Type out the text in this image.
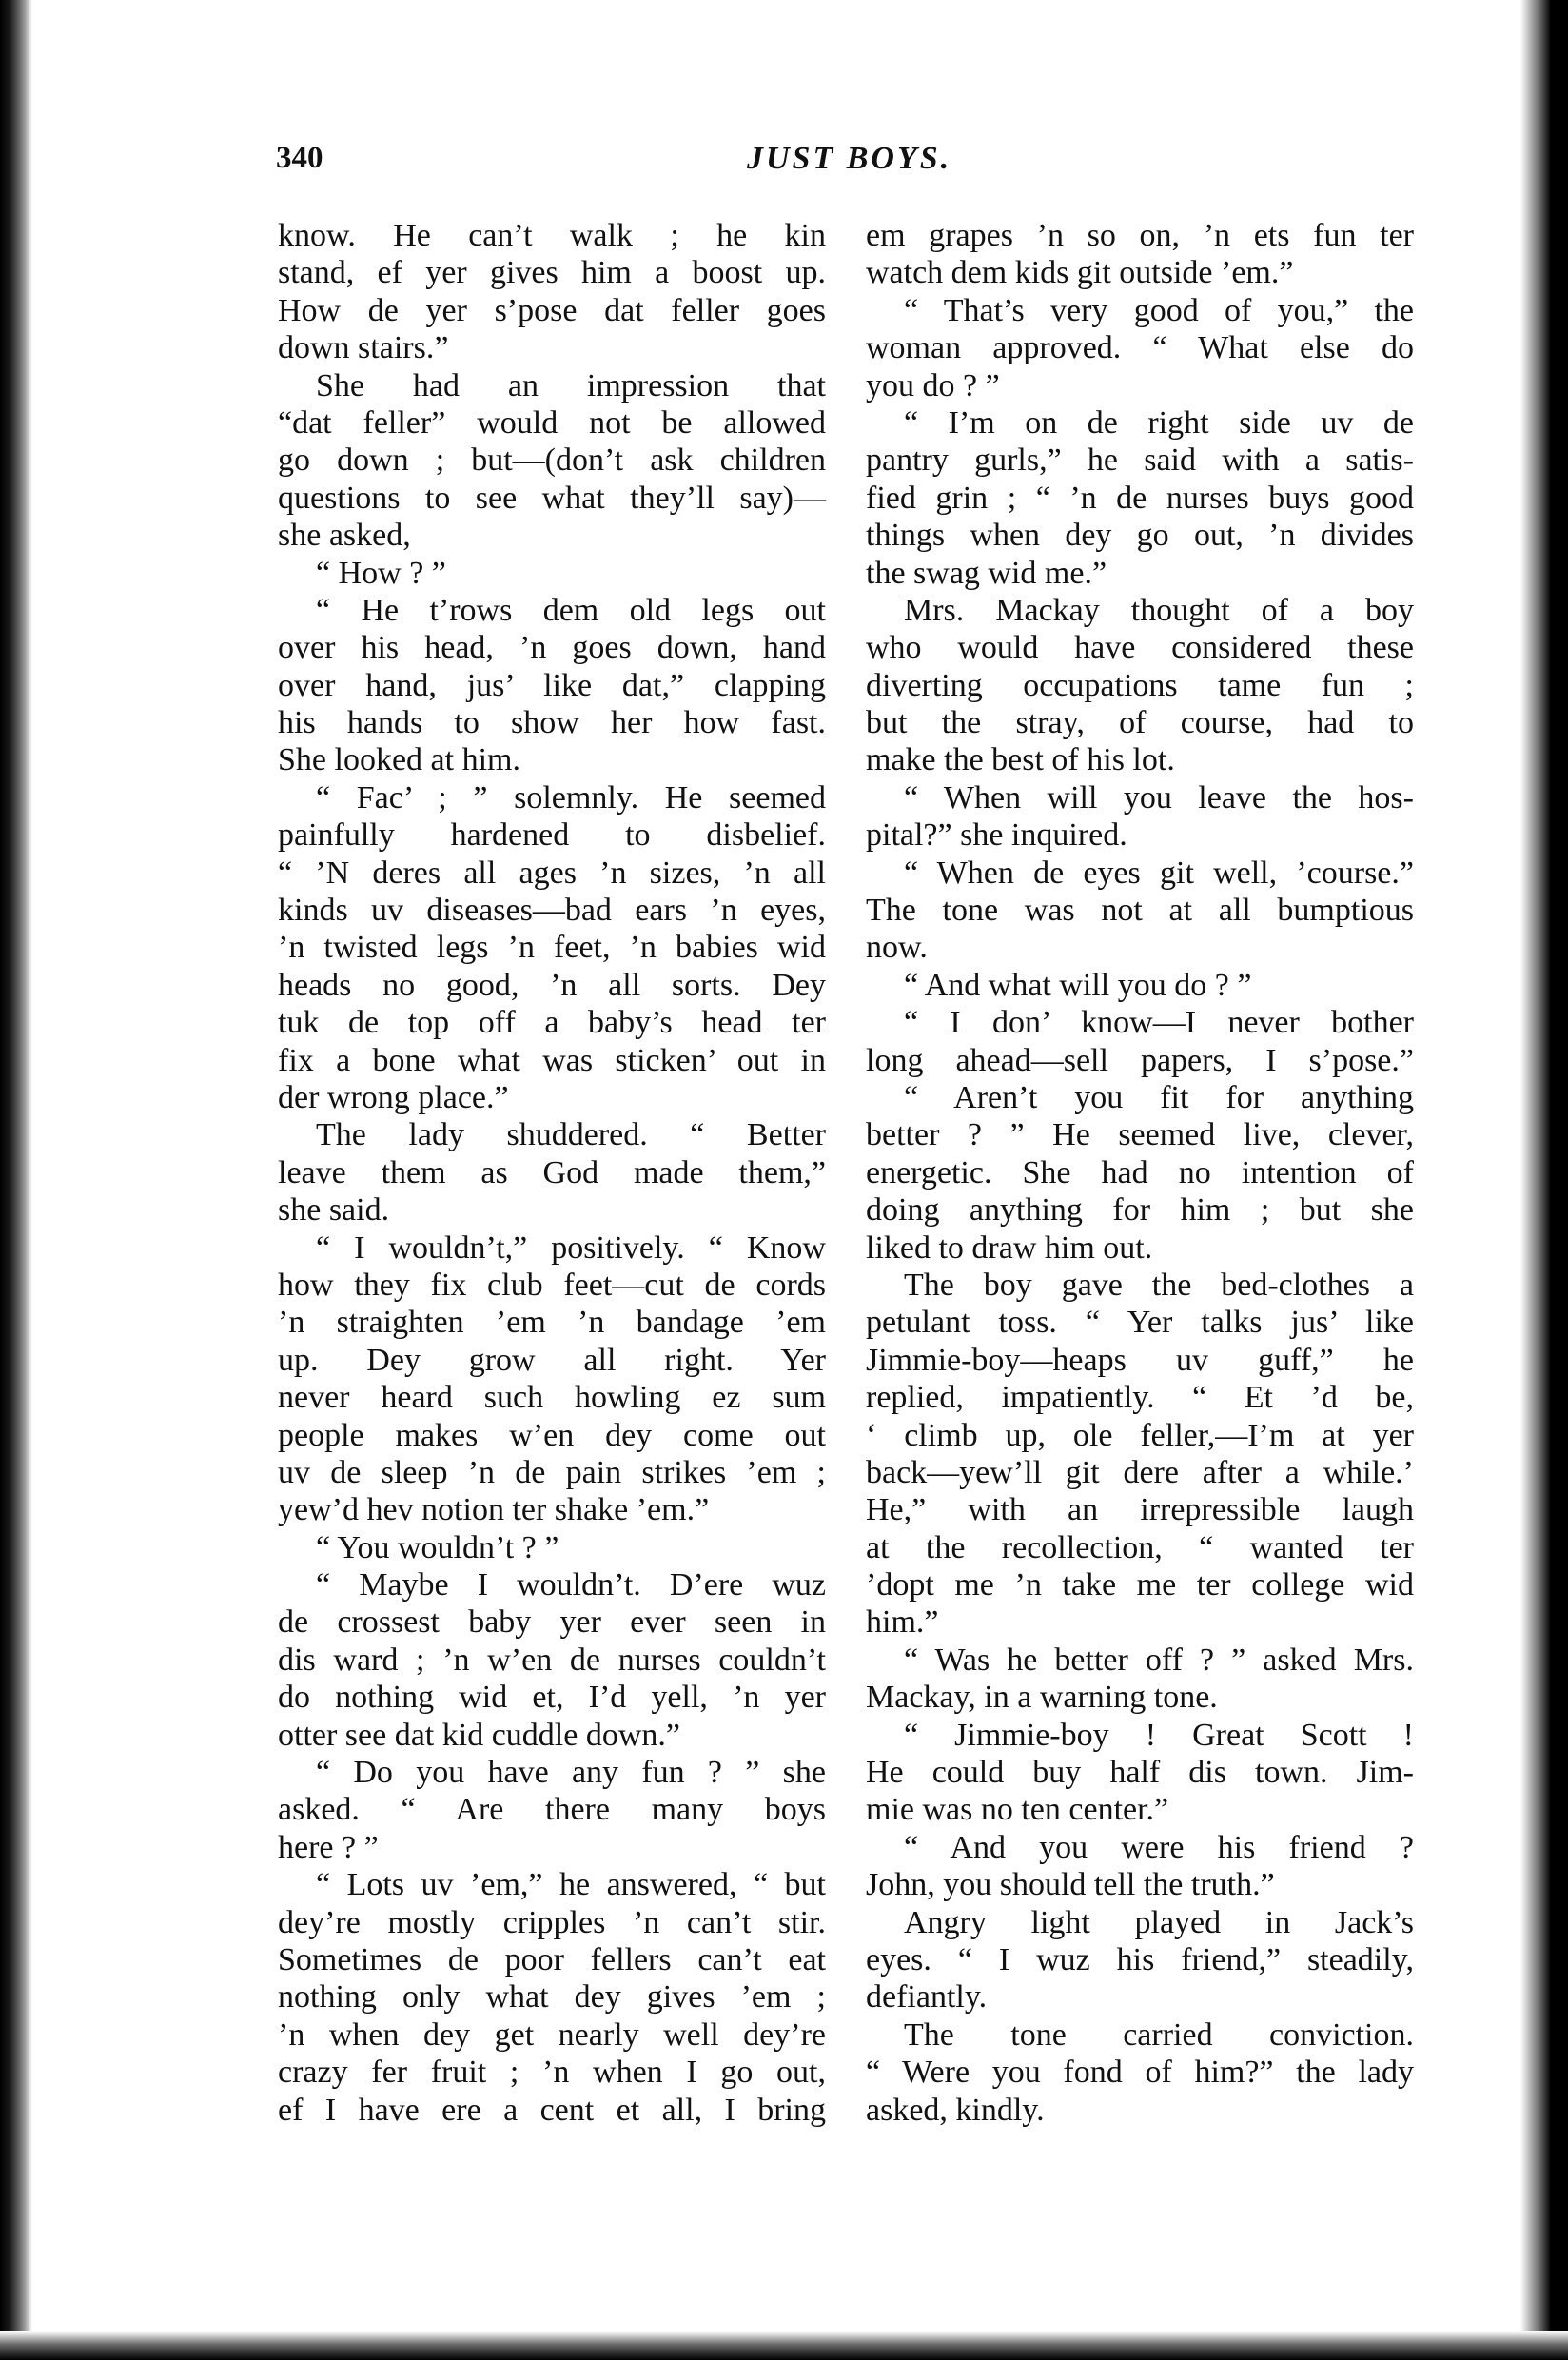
340	JUST BOYS.
know. He can’t walk ; he kin
stand, ef yer gives him a boost up.
How de yer s’pose dat feller goes
down stairs.”
She had an impression that
“dat feller” would not be allowed
go down ; but—(don’t ask children
questions to see what they’ll say)—
she asked,
“ How ? ”
“ He t’rows dem old legs out
over his head, ’n goes down, hand
over hand, jus’ like dat,” clapping
his hands to show her how fast.
She looked at him.
“ Fac’ ; ” solemnly. He seemed
painfully hardened to disbelief.
“ ’N deres all ages ’n sizes, ’n all
kinds uv diseases—bad ears ’n eyes,
’n twisted legs ’n feet, ’n babies wid
heads no good, ’n all sorts. Dey
tuk de top off a baby’s head ter
fix a bone what was sticken’ out in
der wrong place.”
The lady shuddered. “ Better
leave them as God made them,”
she said.
“ I wouldn’t,” positively. “ Know
how they fix club feet—cut de cords
’n straighten ’em ’n bandage ’em
up. Dey grow all right. Yer
never heard such howling ez sum
people makes w’en dey come out
uv de sleep ’n de pain strikes ’em ;
yew’d hev notion ter shake ’em.”
“ You wouldn’t ? ”
“ Maybe I wouldn’t. D’ere wuz
de crossest baby yer ever seen in
dis ward ; ’n w’en de nurses couldn’t
do nothing wid et, I’d yell, ’n yer
otter see dat kid cuddle down.”
“ Do you have any fun ? ” she
asked. “ Are there many boys
here ? ”
“ Lots uv ’em,” he answered, “ but
dey’re mostly cripples ’n can’t stir.
Sometimes de poor fellers can’t eat
nothing only what dey gives ’em ;
’n when dey get nearly well dey’re
crazy fer fruit ; ’n when I go out,
ef I have ere a cent et all, I bring
em grapes ’n so on, ’n ets fun ter
watch dem kids git outside ’em.”
“ That’s very good of you,” the
woman approved. “ What else do
you do ? ”
“ I’m on de right side uv de
pantry gurls,” he said with a satis-
fied grin ; “ ’n de nurses buys good
things when dey go out, ’n divides
the swag wid me.”
Mrs. Mackay thought of a boy
who would have considered these
diverting occupations tame fun ;
but the stray, of course, had to
make the best of his lot.
“ When will you leave the hos-
pital?” she inquired.
“ When de eyes git well, ’course.”
The tone was not at all bumptious
now.
“ And what will you do ? ”
“ I don’ know—I never bother
long ahead—sell papers, I s’pose.”
“ Aren’t you fit for anything
better ? ” He seemed live, clever,
energetic. She had no intention of
doing anything for him ; but she
liked to draw him out.
The boy gave the bed-clothes a
petulant toss. “ Yer talks jus’ like
Jimmie-boy—heaps uv guff,” he
replied, impatiently. “ Et ’d be,
‘ climb up, ole feller,—I’m at yer
back—yew’ll git dere after a while.’
He,” with an irrepressible laugh
at the recollection, “ wanted ter
’dopt me ’n take me ter college wid
him.”
“ Was he better off ? ” asked Mrs.
Mackay, in a warning tone.
“ Jimmie-boy ! Great Scott !
He could buy half dis town. Jim-
mie was no ten center.”
“ And you were his friend ?
John, you should tell the truth.”
Angry light played in Jack’s
eyes. “ I wuz his friend,” steadily,
defiantly.
The tone carried conviction.
“ Were you fond of him?” the lady
asked, kindly.
